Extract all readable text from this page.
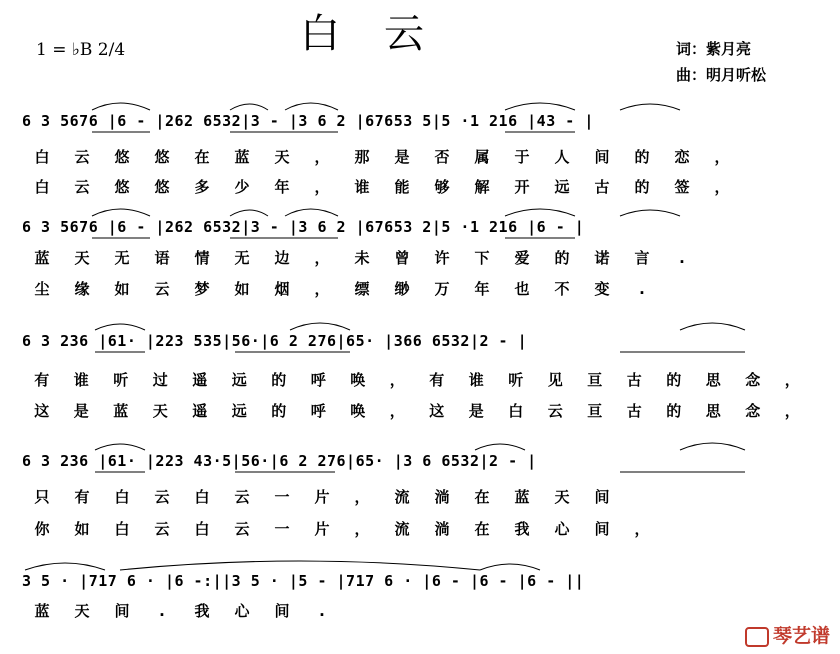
白　云
1 = ♭B 2/4	词：紫月亮
曲：明月听松
6 3 5676 |6 - |262 6532|3 - |3 6 2 |67653 5|5 ·1 216 |43 - |
白 云 悠 悠 在 蓝 天 ， 那 是 否 属 于 人 间 的 恋 ，
白 云 悠 悠 多 少 年 ， 谁 能 够 解 开 远 古 的 签 ，
6 3 5676 |6 - |262 6532|3 - |3 6 2 |67653 2|5 ·1 216 |6 - |
蓝 天 无 语 情 无 边 ， 未 曾 许 下 爱 的 诺 言 .
尘 缘 如 云 梦 如 烟 ， 缥 缈 万 年 也 不 变 .
6 3 236 |61· |223 535|56·|6 2 276|65· |366 6532|2 - |
有 谁 听 过 遥 远 的 呼 唤 ， 有 谁 听 见 亘 古 的 思 念 ，
这 是 蓝 天 遥 远 的 呼 唤 ， 这 是 白 云 亘 古 的 思 念 ，
6 3 236 |61· |223 43·5|56·|6 2 276|65· |3 6 6532|2 - |
只 有 白 云 白 云 一 片 ， 流 淌 在 蓝 天 间
你 如 白 云 白 云 一 片 ， 流 淌 在 我 心 间 ，
3 5 · |717 6 · |6 -:||3 5 · |5 - |717 6 · |6 - |6 - |6 - ||
蓝 天 间 . 我 心 间 .
琴艺谱
